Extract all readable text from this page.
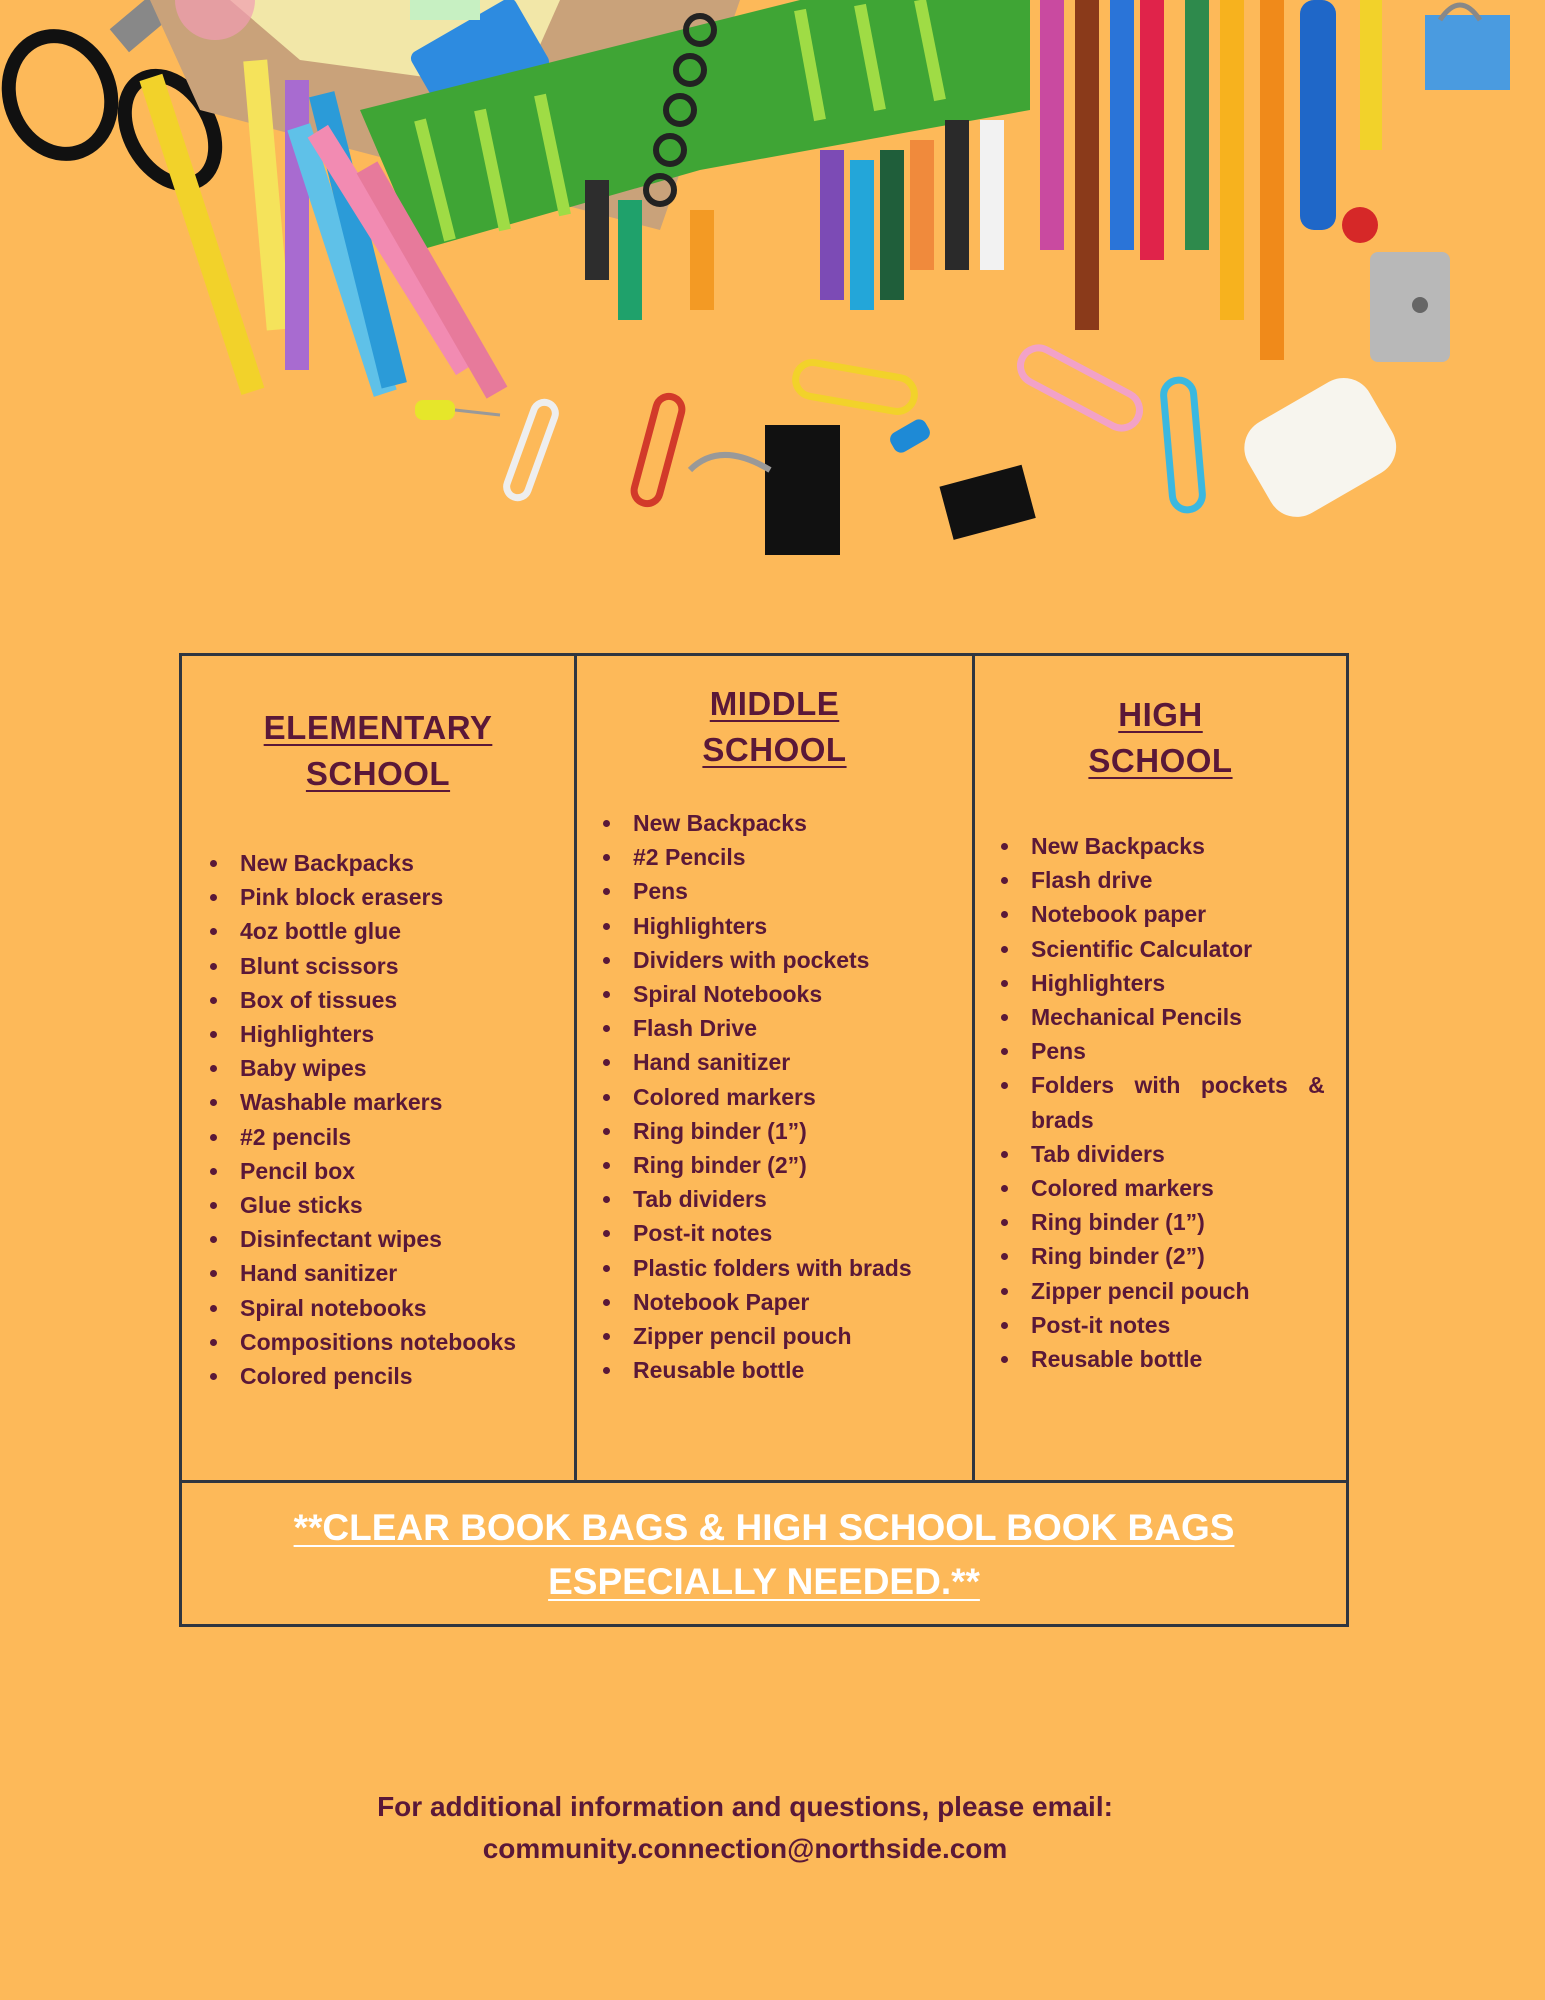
ELEMENTARY
SCHOOL
New Backpacks
Pink block erasers
4oz bottle glue
Blunt scissors
Box of tissues
Highlighters
Baby wipes
Washable markers
#2 pencils
Pencil box
Glue sticks
Disinfectant wipes
Hand sanitizer
Spiral notebooks
Compositions notebooks
Colored pencils
MIDDLE
SCHOOL
New Backpacks
#2 Pencils
Pens
Highlighters
Dividers with pockets
Spiral Notebooks
Flash Drive
Hand sanitizer
Colored markers
Ring binder (1”)
Ring binder (2”)
Tab dividers
Post-it notes
Plastic folders with brads
Notebook Paper
Zipper pencil pouch
Reusable bottle
HIGH
SCHOOL
New Backpacks
Flash drive
Notebook paper
Scientific Calculator
Highlighters
Mechanical Pencils
Pens
Folders with pockets & brads
Tab dividers
Colored markers
Ring binder (1”)
Ring binder (2”)
Zipper pencil pouch
Post-it notes
Reusable bottle
**CLEAR BOOK BAGS & HIGH SCHOOL BOOK BAGS
ESPECIALLY NEEDED.**
For additional information and questions, please email:
community.connection@northside.com
